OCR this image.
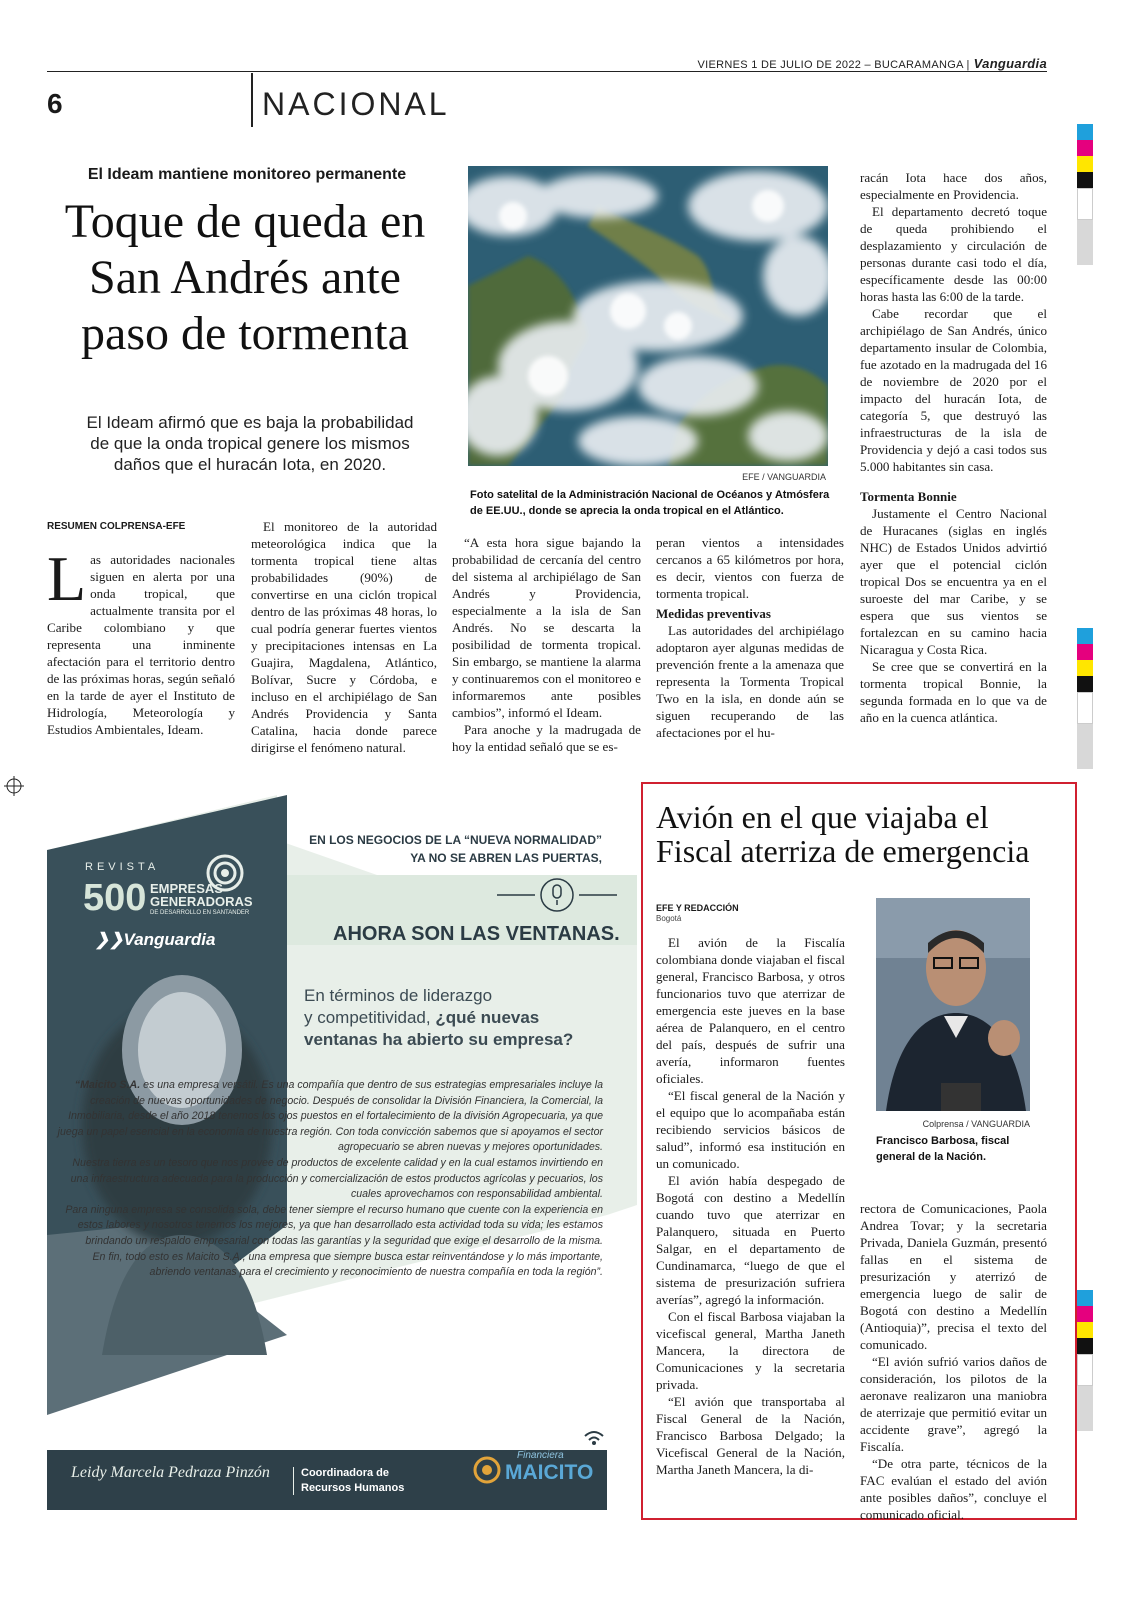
VIERNES 1 DE JULIO DE 2022 – BUCARAMANGA | Vanguardia
6	NACIONAL
El Ideam mantiene monitoreo permanente
Toque de queda en San Andrés ante paso de tormenta
El Ideam afirmó que es baja la probabilidad de que la onda tropical genere los mismos daños que el huracán Iota, en 2020.
RESUMEN COLPRENSA-EFE
L as autoridades nacionales siguen en alerta por una onda tropical, que actualmente transita por el Caribe colombiano y que representa una inminente afectación para el territorio dentro de las próximas horas, según señaló en la tarde de ayer el Instituto de Hidrología, Meteorología y Estudios Ambientales, Ideam.

El monitoreo de la autoridad meteorológica indica que la tormenta tropical tiene altas probabilidades (90%) de convertirse en una ciclón tropical dentro de las próximas 48 horas, lo cual podría generar fuertes vientos y precipitaciones intensas en La Guajira, Magdalena, Atlántico, Bolívar, Sucre y Córdoba, e incluso en el archipiélago de San Andrés Providencia y Santa Catalina, hacia donde parece dirigirse el fenómeno natural.

“A esta hora sigue bajando la probabilidad de cercanía del centro del sistema al archipiélago de San Andrés y Providencia, especialmente a la isla de San Andrés. No se descarta la posibilidad de tormenta tropical. Sin embargo, se mantiene la alarma y continuaremos con el monitoreo e informaremos ante posibles cambios”, informó el Ideam.

Para anoche y la madrugada de hoy la entidad señaló que se es-

peran vientos a intensidades cercanos a 65 kilómetros por hora, es decir, vientos con fuerza de tormenta tropical.

Medidas preventivas

Las autoridades del archipiélago adoptaron ayer algunas medidas de prevención frente a la amenaza que representa la Tormenta Tropical Two en la isla, en donde aún se siguen recuperando de las afectaciones por el hu-

racán Iota hace dos años, especialmente en Providencia.

El departamento decretó toque de queda prohibiendo el desplazamiento y circulación de personas durante casi todo el día, específicamente desde las 00:00 horas hasta las 6:00 de la tarde.

Cabe recordar que el archipiélago de San Andrés, único departamento insular de Colombia, fue azotado en la madrugada del 16 de noviembre de 2020 por el impacto del huracán Iota, de categoría 5, que destruyó las infraestructuras de la isla de Providencia y dejó a casi todos sus 5.000 habitantes sin casa.

Tormenta Bonnie

Justamente el Centro Nacional de Huracanes (siglas en inglés NHC) de Estados Unidos advirtió ayer que el potencial ciclón tropical Dos se encuentra ya en el suroeste del mar Caribe, y se espera que sus vientos se fortalezcan en su camino hacia Nicaragua y Costa Rica.

Se cree que se convertirá en la tormenta tropical Bonnie, la segunda formada en lo que va de año en la cuenca atlántica.

EFE / VANGUARDIA
Foto satelital de la Administración Nacional de Océanos y Atmósfera de EE.UU., donde se aprecia la onda tropical en el Atlántico.
REVISTA
500 EMPRESAS
GENERADORAS
DE DESARROLLO EN SANTANDER
❯❯Vanguardia
EN LOS NEGOCIOS DE LA “NUEVA NORMALIDAD”
YA NO SE ABREN LAS PUERTAS,
AHORA SON LAS VENTANAS.
En términos de liderazgo
y competitividad, ¿qué nuevas
ventanas ha abierto su empresa?
Leidy Marcela Pedraza Pinzón	Coordinadora de
Recursos Humanos
Financiera
MAICITO

“Maicito S.A. es una empresa versátil. Es una compañía que dentro de sus estrategias empresariales incluye la creación de nuevas oportunidades de negocio. Después de consolidar la División Financiera, la Comercial, la Inmobiliaria, desde el año 2018 tenemos los ojos puestos en el fortalecimiento de la división Agropecuaria, ya que juega un papel esencial en la economía de nuestra región. Con toda convicción sabemos que si apoyamos el sector agropecuario se abren nuevas y mejores oportunidades.

Nuestra tierra es un tesoro que nos provee de productos de excelente calidad y en la cual estamos invirtiendo en una infraestructura adecuada para la producción y comercialización de estos productos agrícolas y pecuarios, los cuales aprovechamos con responsabilidad ambiental.

Para ninguna empresa se consolida sola, debe tener siempre el recurso humano que cuente con la experiencia en estos labores y nosotros tenemos los mejores, ya que han desarrollado esta actividad toda su vida; les estamos brindando un respaldo empresarial con todas las garantías y la seguridad que exige el desarrollo de la misma.

En fin, todo esto es Maicito S.A., una empresa que siempre busca estar reinventándose y lo más importante, abriendo ventanas para el crecimiento y reconocimiento de nuestra compañía en toda la región”.

Avión en el que viajaba el Fiscal aterriza de emergencia
EFE Y REDACCIÓN
Bogotá

El avión de la Fiscalía colombiana donde viajaban el fiscal general, Francisco Barbosa, y otros funcionarios tuvo que aterrizar de emergencia este jueves en la base aérea de Palanquero, en el centro del país, después de sufrir una avería, informaron fuentes oficiales.

“El fiscal general de la Nación y el equipo que lo acompañaba están recibiendo servicios básicos de salud”, informó esa institución en un comunicado.

El avión había despegado de Bogotá con destino a Medellín cuando tuvo que aterrizar en Palanquero, situada en Puerto Salgar, en el departamento de Cundinamarca, “luego de que el sistema de presurización sufriera averías”, agregó la información.

Con el fiscal Barbosa viajaban la vicefiscal general, Martha Janeth Mancera, la directora de Comunicaciones y la secretaria privada.

“El avión que transportaba al Fiscal General de la Nación, Francisco Barbosa Delgado; la Vicefiscal General de la Nación, Martha Janeth Mancera, la di-

rectora de Comunicaciones, Paola Andrea Tovar; y la secretaria Privada, Daniela Guzmán, presentó fallas en el sistema de presurización y aterrizó de emergencia luego de salir de Bogotá con destino a Medellín (Antioquia)”, precisa el texto del comunicado.

“El avión sufrió varios daños de consideración, los pilotos de la aeronave realizaron una maniobra de aterrizaje que permitió evitar un accidente grave”, agregó la Fiscalía.

“De otra parte, técnicos de la FAC evalúan el estado del avión ante posibles daños”, concluye el comunicado oficial.

Colprensa / VANGUARDIA
Francisco Barbosa, fiscal general de la Nación.
